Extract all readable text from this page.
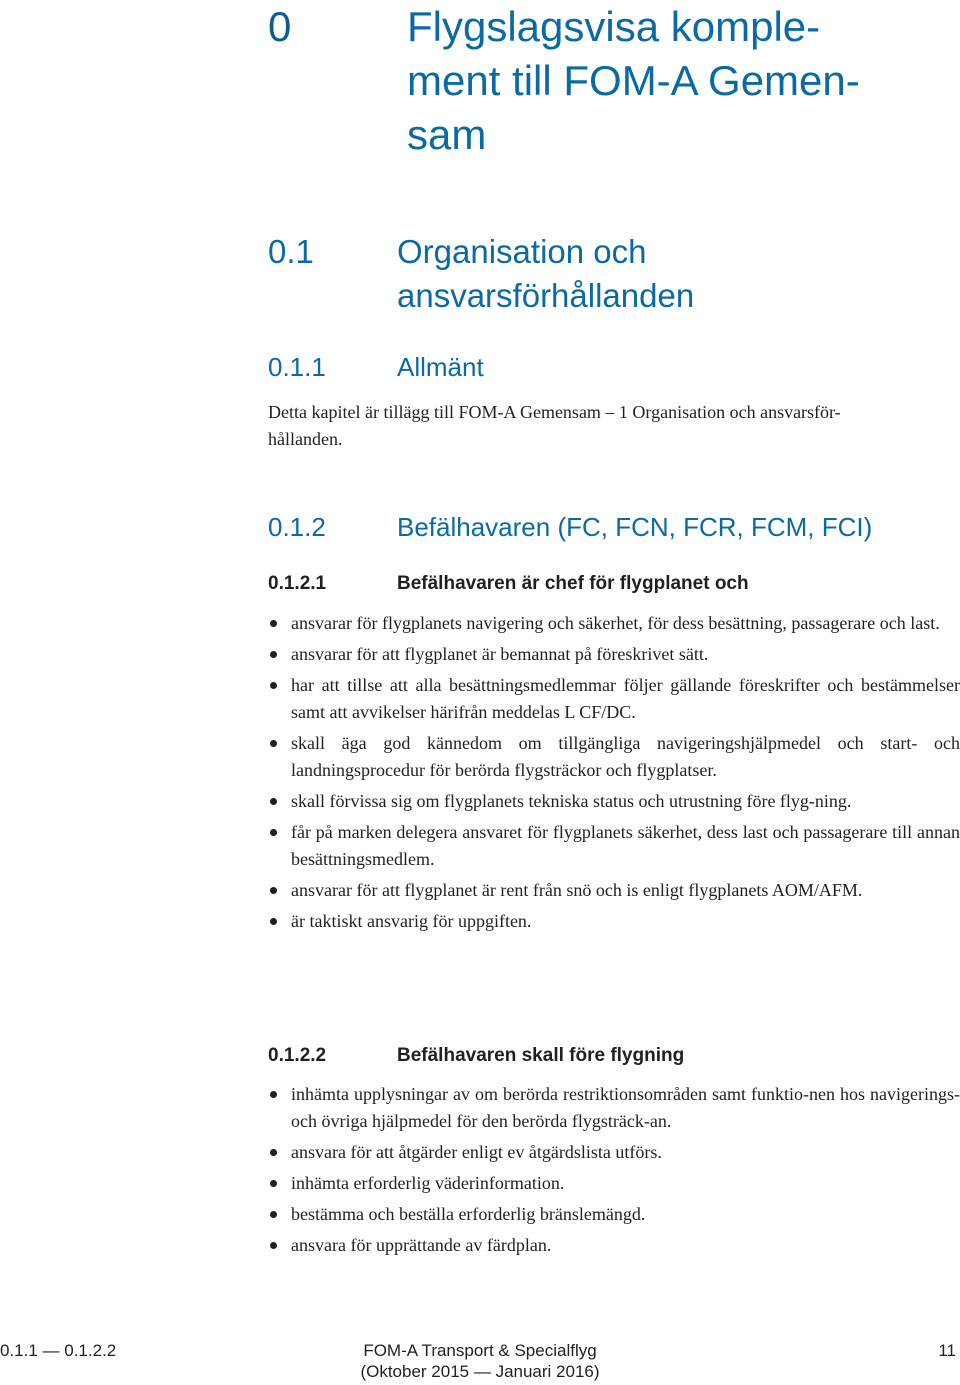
0	Flygslagsvisa komple-
ment till FOM-A Gemen-
sam
0.1	Organisation och
ansvarsförhållanden
0.1.1	Allmänt
Detta kapitel är tillägg till FOM-A Gemensam – 1 Organisation och ansvarsför-
hållanden.
0.1.2	Befälhavaren (FC, FCN, FCR, FCM, FCI)
0.1.2.1	Befälhavaren är chef för flygplanet och
ansvarar för flygplanets navigering och säkerhet, för dess besättning, passagerare och last.
ansvarar för att flygplanet är bemannat på föreskrivet sätt.
har att tillse att alla besättningsmedlemmar följer gällande föreskrifter och bestämmelser samt att avvikelser härifrån meddelas L CF/DC.
skall äga god kännedom om tillgängliga navigeringshjälpmedel och start- och landningsprocedur för berörda flygsträckor och flygplatser.
skall förvissa sig om flygplanets tekniska status och utrustning före flyg-ning.
får på marken delegera ansvaret för flygplanets säkerhet, dess last och passagerare till annan besättningsmedlem.
ansvarar för att flygplanet är rent från snö och is enligt flygplanets AOM/AFM.
är taktiskt ansvarig för uppgiften.
0.1.2.2	Befälhavaren skall före flygning
inhämta upplysningar av om berörda restriktionsområden samt funktio-nen hos navigerings- och övriga hjälpmedel för den berörda flygsträck-an.
ansvara för att åtgärder enligt ev åtgärdslista utförs.
inhämta erforderlig väderinformation.
bestämma och beställa erforderlig bränslemängd.
ansvara för upprättande av färdplan.
0.1.1 — 0.1.2.2	FOM-A Transport & Specialflyg
(Oktober 2015 — Januari 2016)
11
